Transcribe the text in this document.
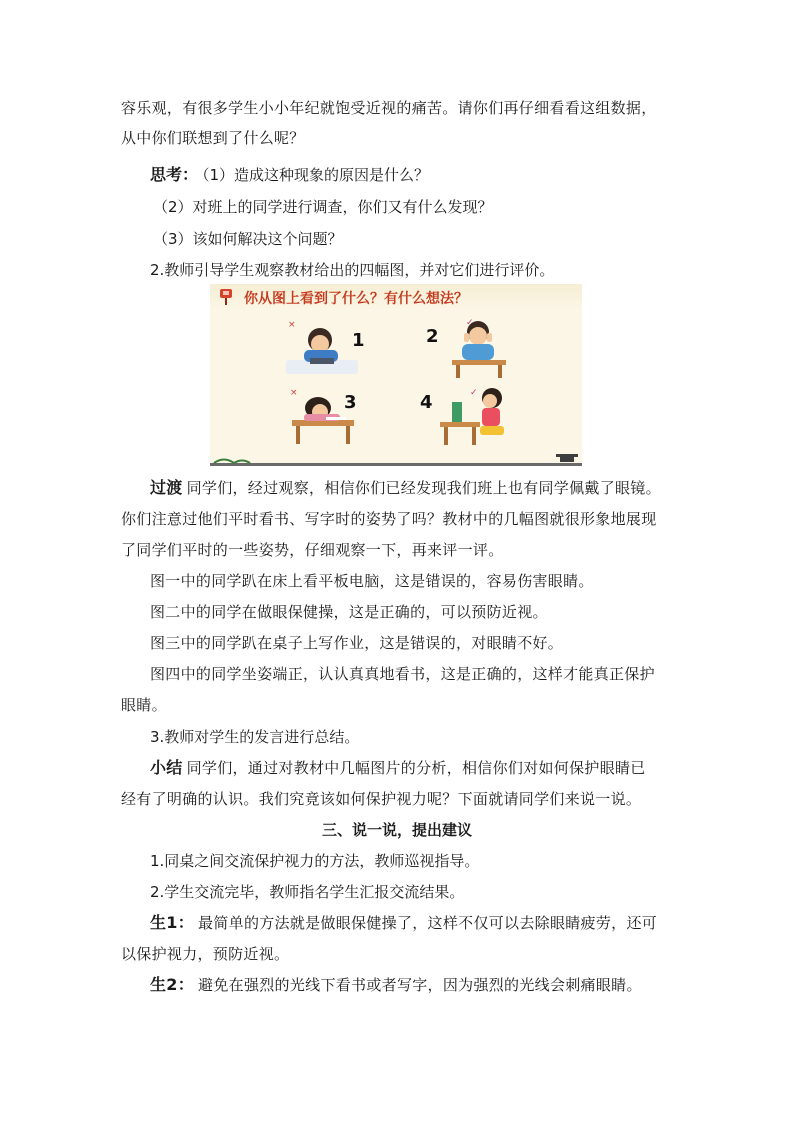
容乐观，有很多学生小小年纪就饱受近视的痛苦。请你们再仔细看看这组数据，
从中你们联想到了什么呢？
思考： （1）造成这种现象的原因是什么？
（2）对班上的同学进行调查，你们又有什么发现？
（3）该如何解决这个问题？
2.教师引导学生观察教材给出的四幅图，并对它们进行评价。
你从图上看到了什么？有什么想法？
×
1
✓
2
×	3	✓
4
过渡 同学们，经过观察，相信你们已经发现我们班上也有同学佩戴了眼镜。
你们注意过他们平时看书、写字时的姿势了吗？教材中的几幅图就很形象地展现
了同学们平时的一些姿势，仔细观察一下，再来评一评。
图一中的同学趴在床上看平板电脑，这是错误的，容易伤害眼睛。
图二中的同学在做眼保健操，这是正确的，可以预防近视。
图三中的同学趴在桌子上写作业，这是错误的，对眼睛不好。
图四中的同学坐姿端正，认认真真地看书，这是正确的，这样才能真正保护
眼睛。
3.教师对学生的发言进行总结。
小结 同学们，通过对教材中几幅图片的分析，相信你们对如何保护眼睛已
经有了明确的认识。我们究竟该如何保护视力呢？下面就请同学们来说一说。
三、说一说，提出建议
1.同桌之间交流保护视力的方法，教师巡视指导。
2.学生交流完毕，教师指名学生汇报交流结果。
生1： 最简单的方法就是做眼保健操了，这样不仅可以去除眼睛疲劳，还可
以保护视力，预防近视。
生2： 避免在强烈的光线下看书或者写字，因为强烈的光线会刺痛眼睛。
